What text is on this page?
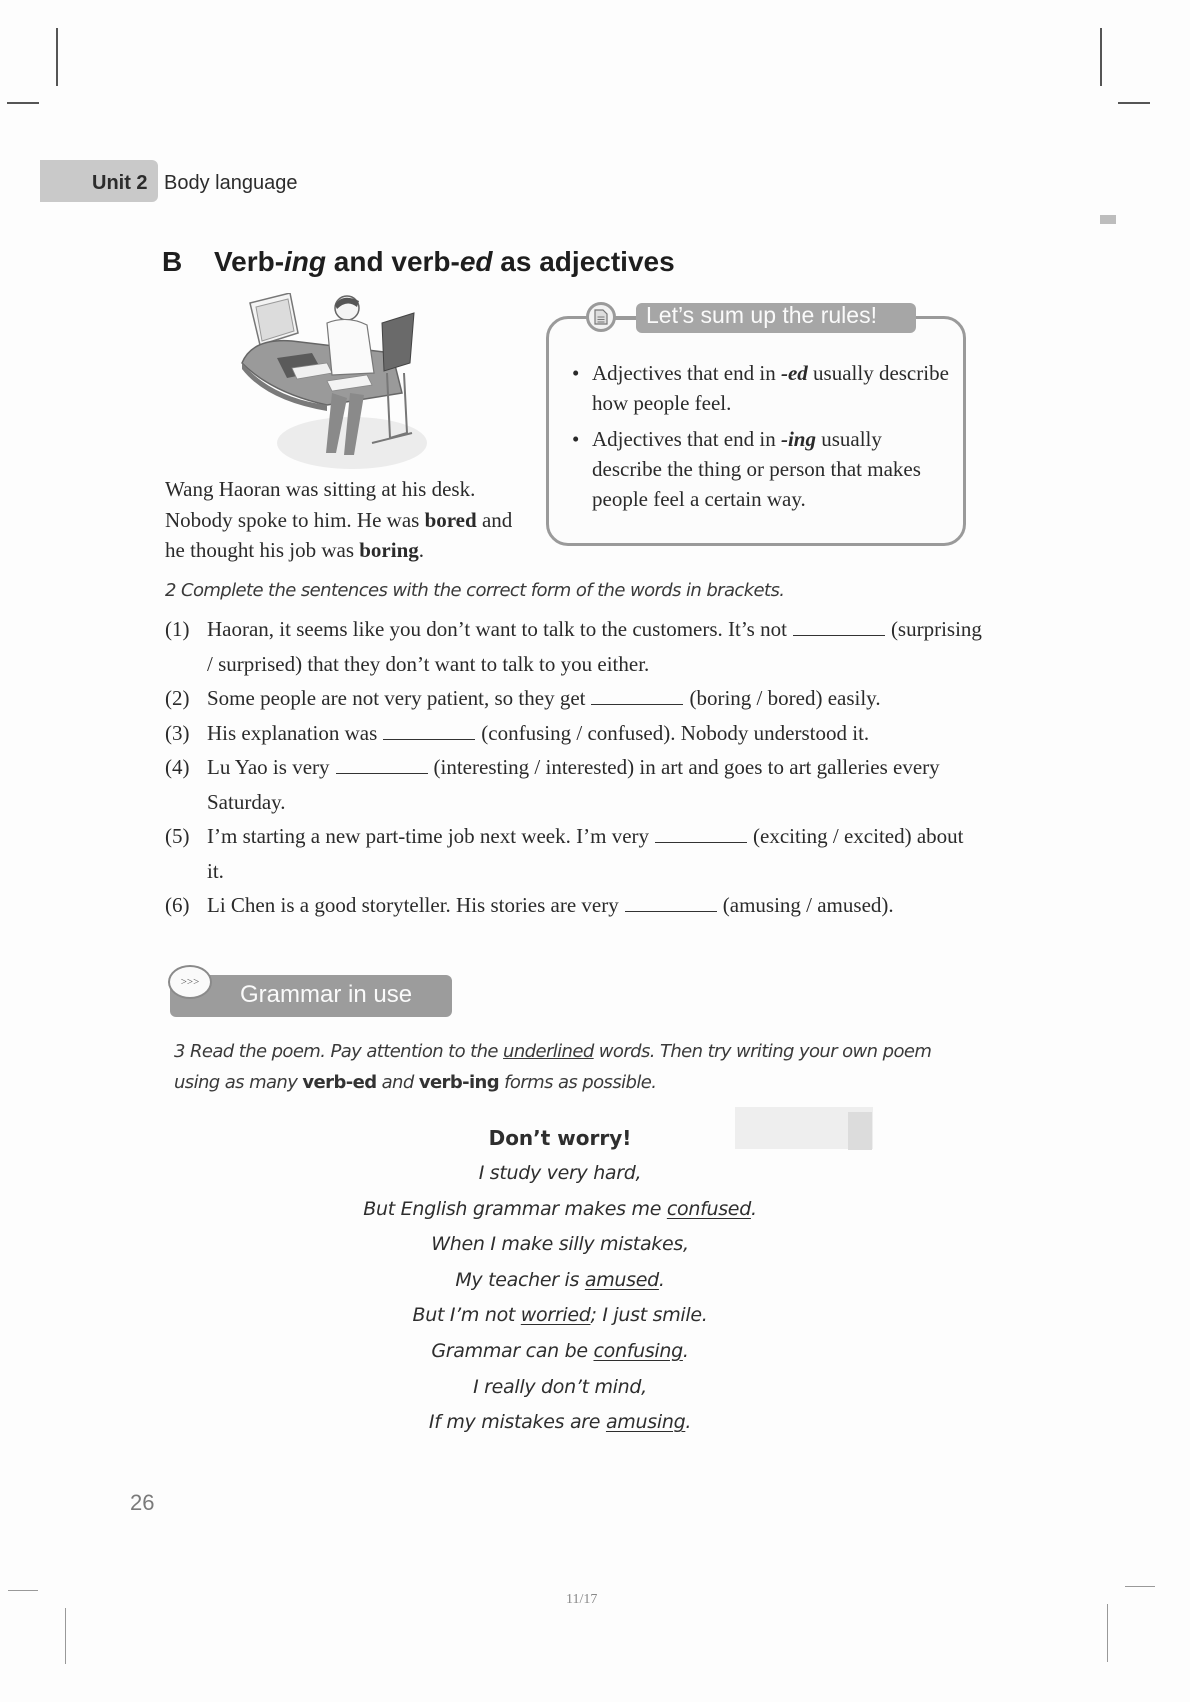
Unit 2 Body language
B Verb-ing and verb-ed as adjectives
Wang Haoran was sitting at his desk. Nobody spoke to him. He was bored and he thought his job was boring.
Let’s sum up the rules!
• Adjectives that end in -ed usually describe how people feel.
• Adjectives that end in -ing usually describe the thing or person that makes people feel a certain way.
2 Complete the sentences with the correct form of the words in brackets.
(1) Haoran, it seems like you don’t want to talk to the customers. It’s not	(surprising / surprised) that they don’t want to talk to you either.
(2) Some people are not very patient, so they get	(boring / bored) easily.
(3) His explanation was	(confusing / confused). Nobody understood it.
(4) Lu Yao is very	(interesting / interested) in art and goes to art galleries every Saturday.
(5) I’m starting a new part-time job next week. I’m very	(exciting / excited) about it.
(6) Li Chen is a good storyteller. His stories are very	(amusing / amused).
>>>	Grammar in use
3 Read the poem. Pay attention to the underlined words. Then try writing your own poem using as many verb-ed and verb-ing forms as possible.
Don’t worry!
I study very hard,
But English grammar makes me confused.
When I make silly mistakes,
My teacher is amused.
But I’m not worried; I just smile.
Grammar can be confusing.
I really don’t mind,
If my mistakes are amusing.
26
11/17
